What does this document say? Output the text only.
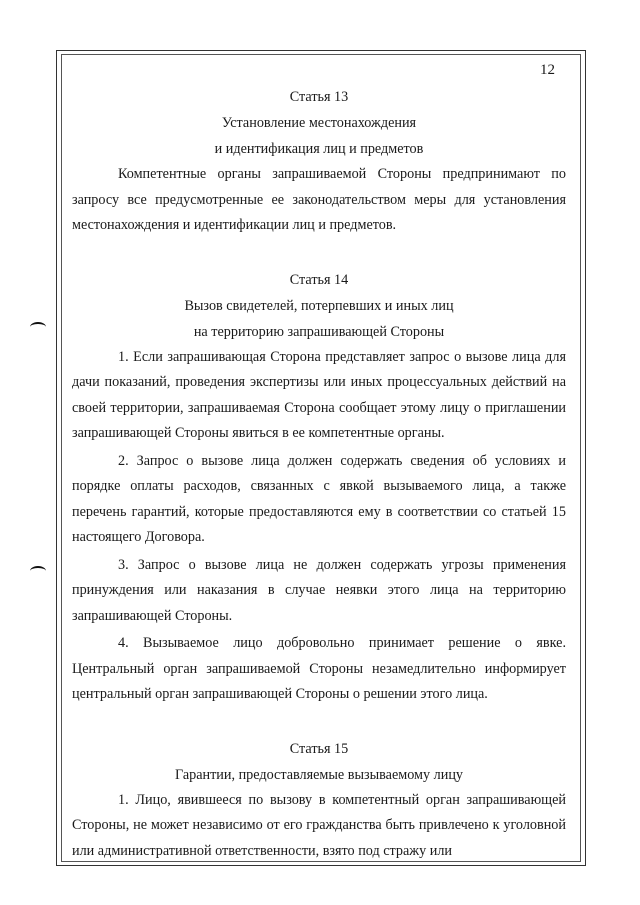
12
Статья 13
Установление местонахождения
и идентификация лиц и предметов

Компетентные органы запрашиваемой Стороны предпринимают по запросу все предусмотренные ее законодательством меры для установления местонахождения и идентификации лиц и предметов.

Статья 14
Вызов свидетелей, потерпевших и иных лиц
на территорию запрашивающей Стороны

1. Если запрашивающая Сторона представляет запрос о вызове лица для дачи показаний, проведения экспертизы или иных процессуальных действий на своей территории, запрашиваемая Сторона сообщает этому лицу о приглашении запрашивающей Стороны явиться в ее компетентные органы.

2. Запрос о вызове лица должен содержать сведения об условиях и порядке оплаты расходов, связанных с явкой вызываемого лица, а также перечень гарантий, которые предоставляются ему в соответствии со статьей 15 настоящего Договора.

3. Запрос о вызове лица не должен содержать угрозы применения принуждения или наказания в случае неявки этого лица на территорию запрашивающей Стороны.

4. Вызываемое лицо добровольно принимает решение о явке. Центральный орган запрашиваемой Стороны незамедлительно информирует центральный орган запрашивающей Стороны о решении этого лица.

Статья 15
Гарантии, предоставляемые вызываемому лицу

1. Лицо, явившееся по вызову в компетентный орган запрашивающей Стороны, не может независимо от его гражданства быть привлечено к уголовной или административной ответственности, взято под стражу или
